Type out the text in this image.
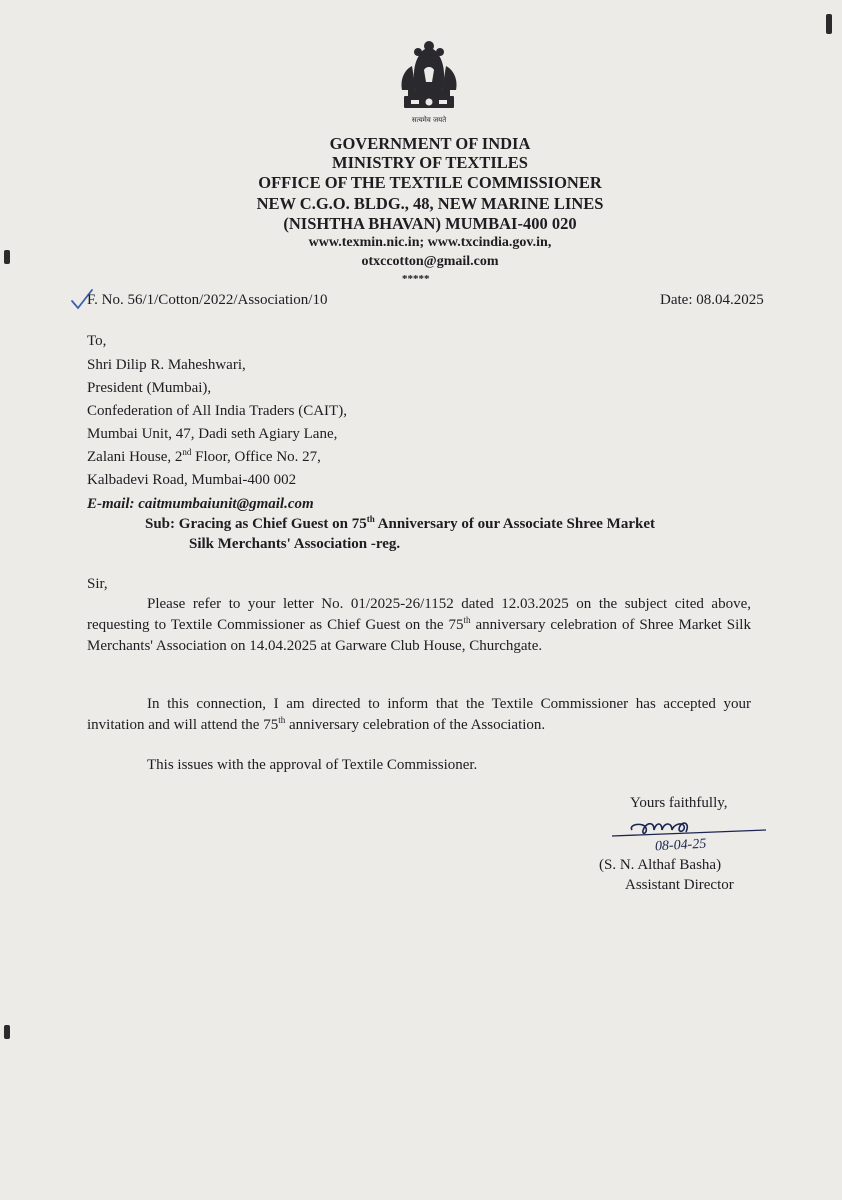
सत्यमेव जयते
GOVERNMENT OF INDIA
MINISTRY OF TEXTILES
OFFICE OF THE TEXTILE COMMISSIONER
NEW C.G.O. BLDG., 48, NEW MARINE LINES
(NISHTHA BHAVAN) MUMBAI-400 020
www.texmin.nic.in; www.txcindia.gov.in,
otxccotton@gmail.com
*****
F. No. 56/1/Cotton/2022/Association/10	Date: 08.04.2025
To,
Shri Dilip R. Maheshwari,
President (Mumbai),
Confederation of All India Traders (CAIT),
Mumbai Unit, 47, Dadi seth Agiary Lane,
Zalani House, 2nd Floor, Office No. 27,
Kalbadevi Road, Mumbai-400 002
E-mail: caitmumbaiunit@gmail.com
Sub: Gracing as Chief Guest on 75th Anniversary of our Associate Shree Market
Silk Merchants' Association -reg.
Sir,
Please refer to your letter No. 01/2025-26/1152 dated 12.03.2025 on the subject cited above, requesting to Textile Commissioner as Chief Guest on the 75th anniversary celebration of Shree Market Silk Merchants' Association on 14.04.2025 at Garware Club House, Churchgate.
In this connection, I am directed to inform that the Textile Commissioner has accepted your invitation and will attend the 75th anniversary celebration of the Association.
This issues with the approval of Textile Commissioner.
Yours faithfully,
08-04-25
(S. N. Althaf Basha)
Assistant Director
